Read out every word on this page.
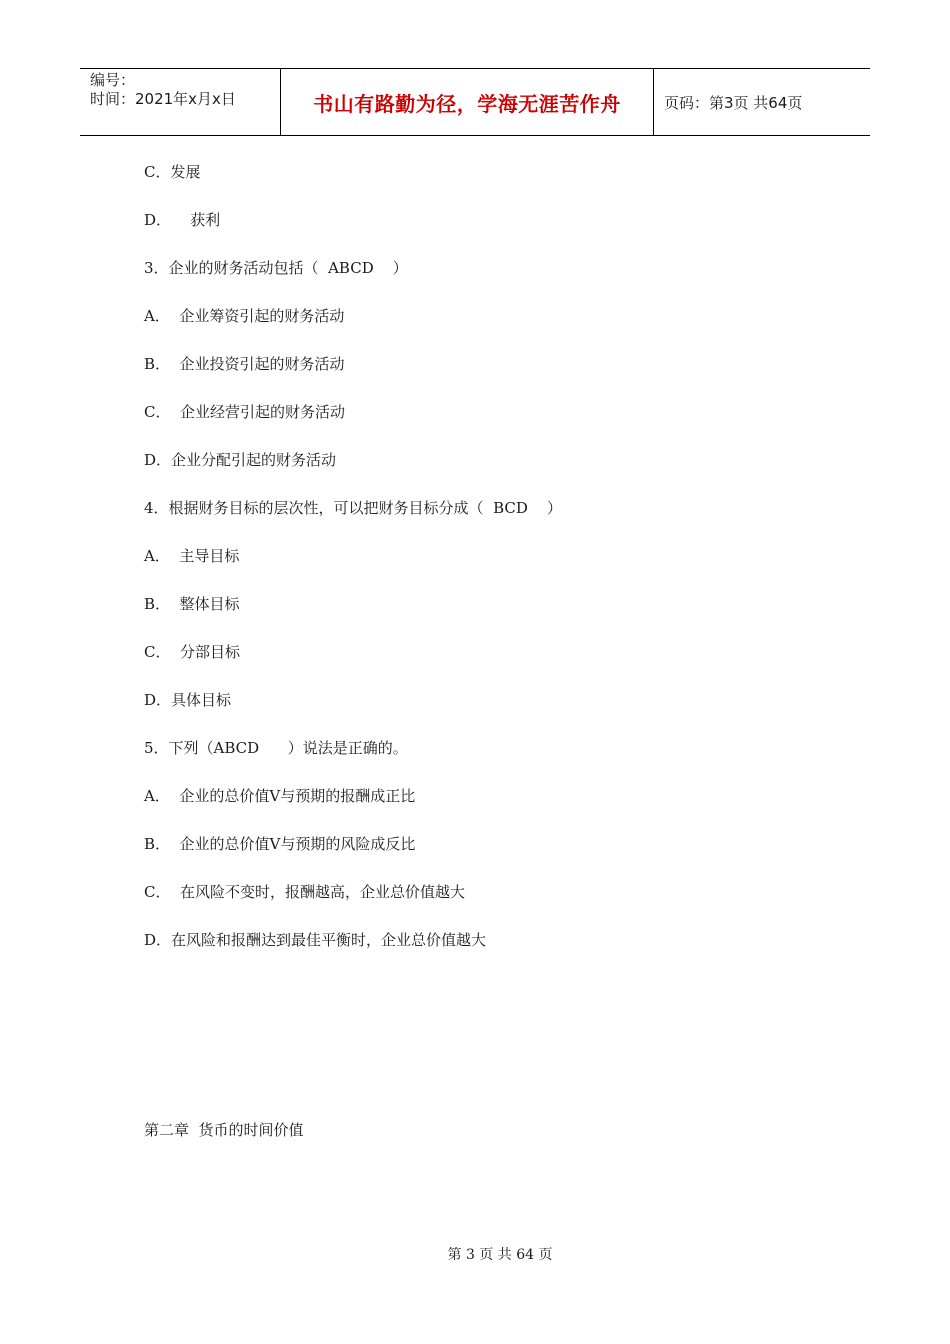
编号：
时间：2021年x月x日	书山有路勤为径，学海无涯苦作舟	页码：第3页 共64页
C．发展
D．    获利
3．企业的财务活动包括（  ABCD    ）
A．  企业筹资引起的财务活动
B．  企业投资引起的财务活动
C．  企业经营引起的财务活动
D．企业分配引起的财务活动
4．根据财务目标的层次性，可以把财务目标分成（  BCD    ）
A．  主导目标
B．  整体目标
C．  分部目标
D．具体目标
5．下列（ABCD      ）说法是正确的。
A．  企业的总价值V与预期的报酬成正比
B．  企业的总价值V与预期的风险成反比
C．  在风险不变时，报酬越高，企业总价值越大
D．在风险和报酬达到最佳平衡时，企业总价值越大
第二章  货币的时间价值
第 3 页 共 64 页
